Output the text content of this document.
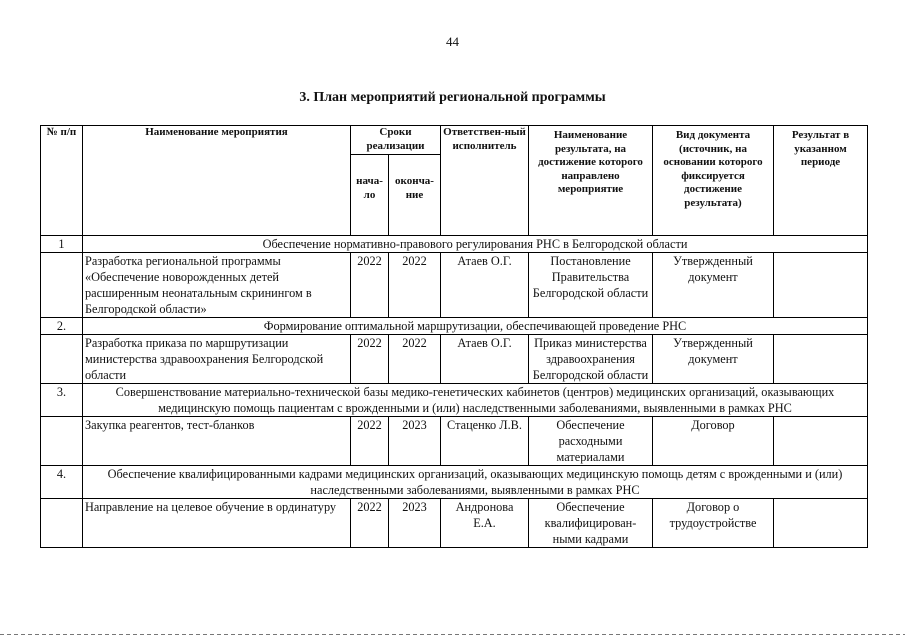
44
3. План мероприятий региональной программы
№ п/п	Наименование мероприятия	Сроки реализации		Ответствен-ный исполнитель	Наименование результата, на достижение которого направлено мероприятие	Вид документа (источник, на основании которого фиксируется достижение результата)	Результат в указанном периоде
		нача-ло	оконча-ние				
1	Обеспечение нормативно-правового регулирования РНС в Белгородской области						
	Разработка региональной программы «Обеспечение новорожденных детей расширенным неонатальным скринингом в Белгородской области»	2022	2022	Атаев О.Г.	Постановление Правительства Белгородской области	Утвержденный документ	
2.	Формирование оптимальной маршрутизации, обеспечивающей проведение РНС						
	Разработка приказа по маршрутизации министерства здравоохранения Белгородской области	2022	2022	Атаев О.Г.	Приказ министерства здравоохранения Белгородской области	Утвержденный документ	
3.	Совершенствование материально-технической базы медико-генетических кабинетов (центров) медицинских организаций, оказывающих медицинскую помощь пациентам с врожденными и (или) наследственными заболеваниями, выявленными в рамках РНС						
	Закупка реагентов, тест-бланков	2022	2023	Стаценко Л.В.	Обеспечение расходными материалами	Договор	
4.	Обеспечение квалифицированными кадрами медицинских организаций, оказывающих медицинскую помощь детям с врожденными и (или) наследственными заболеваниями, выявленными в рамках РНС						
	Направление на целевое обучение в ординатуру	2022	2023	Андронова Е.А.	Обеспечение квалифицирован-ными кадрами	Договор о трудоустройстве	
